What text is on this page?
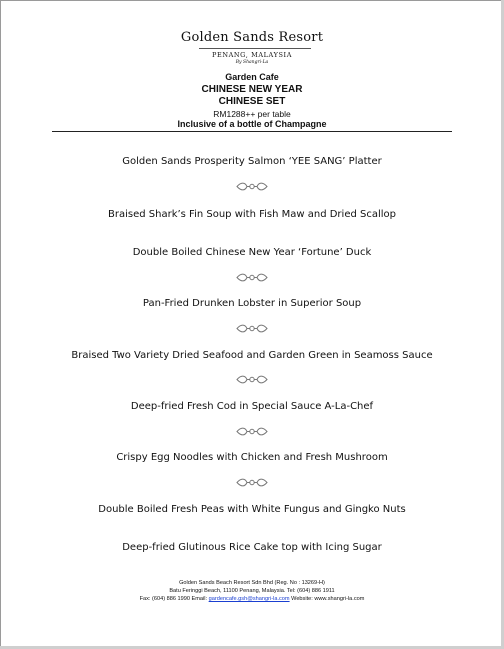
Golden Sands Resort
PENANG, MALAYSIA
By Shangri-La
Garden Cafe
CHINESE NEW YEAR
CHINESE SET
RM1288++ per table
Inclusive of a bottle of Champagne
Golden Sands Prosperity Salmon ‘YEE SANG’ Platter
Braised Shark’s Fin Soup with Fish Maw and Dried Scallop
Double Boiled Chinese New Year ‘Fortune’ Duck
Pan-Fried Drunken Lobster in Superior Soup
Braised Two Variety Dried Seafood and Garden Green in Seamoss Sauce
Deep-fried Fresh Cod in Special Sauce A-La-Chef
Crispy Egg Noodles with Chicken and Fresh Mushroom
Double Boiled Fresh Peas with White Fungus and Gingko Nuts
Deep-fried Glutinous Rice Cake top with Icing Sugar
Golden Sands Beach Resort Sdn Bhd (Reg. No : 13269-H)
Batu Feringgi Beach, 11100 Penang, Malaysia. Tel: (604) 886 1911
Fax: (604) 886 1990 Email: gardencafe.gsh@shangri-la.com Website: www.shangri-la.com
